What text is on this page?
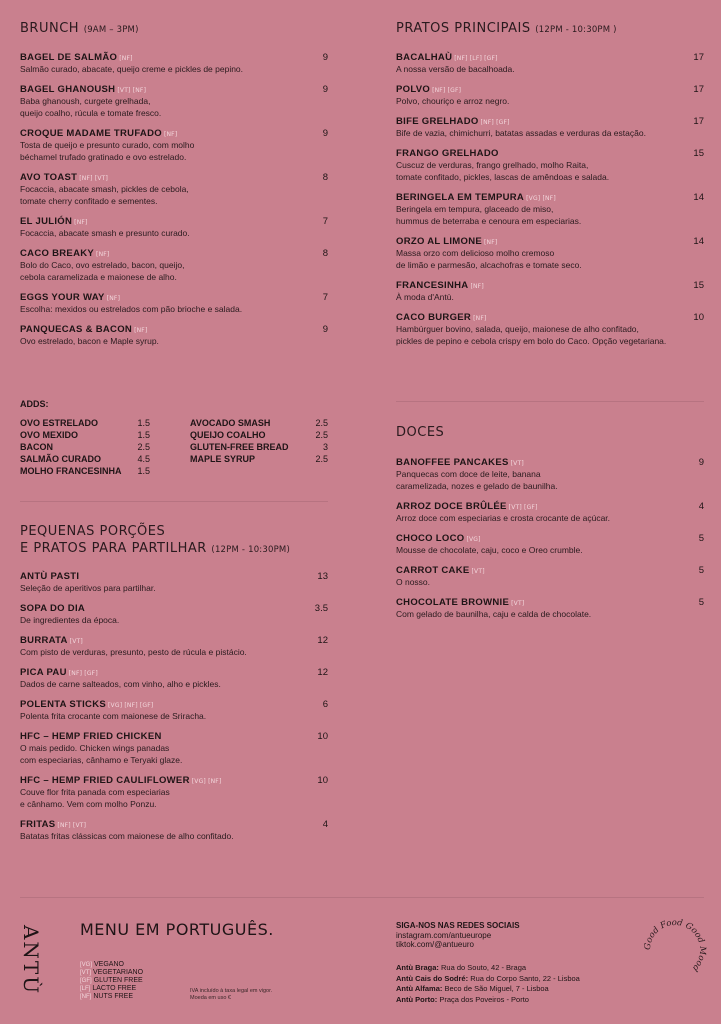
BRUNCH (9AM – 3PM)
BAGEL DE SALMÃO [NF]	9
Salmão curado, abacate, queijo creme e pickles de pepino.
BAGEL GHANOUSH [VT] [NF]	9
Baba ghanoush, curgete grelhada,
queijo coalho, rúcula e tomate fresco.
CROQUE MADAME TRUFADO [NF]	9
Tosta de queijo e presunto curado, com molho
béchamel trufado gratinado e ovo estrelado.
AVO TOAST [NF] [VT]	8
Focaccia, abacate smash, pickles de cebola,
tomate cherry confitado e sementes.
EL JULIÓN [NF]	7
Focaccia, abacate smash e presunto curado.
CACO BREAKY [NF]	8
Bolo do Caco, ovo estrelado, bacon, queijo,
cebola caramelizada e maionese de alho.
EGGS YOUR WAY [NF]	7
Escolha: mexidos ou estrelados com pão brioche e salada.
PANQUECAS & BACON [NF]	9
Ovo estrelado, bacon e Maple syrup.
ADDS:
OVO ESTRELADO	1.5
OVO MEXIDO	1.5
BACON	2.5
SALMÃO CURADO	4.5
MOLHO FRANCESINHA 1.5
AVOCADO SMASH	2.5
QUEIJO COALHO	2.5
GLUTEN-FREE BREAD	3
MAPLE SYRUP	2.5
PEQUENAS PORÇÕES
E PRATOS PARA PARTILHAR (12PM - 10:30PM)
ANTÙ PASTI	13
Seleção de aperitivos para partilhar.
SOPA DO DIA	3.5
De ingredientes da época.
BURRATA [VT]	12
Com pisto de verduras, presunto, pesto de rúcula e pistácio.
PICA PAU [NF] [GF]	12
Dados de carne salteados, com vinho, alho e pickles.
POLENTA STICKS [VG] [NF] [GF]	6
Polenta frita crocante com maionese de Sriracha.
HFC – HEMP FRIED CHICKEN	10
O mais pedido. Chicken wings panadas
com especiarias, cânhamo e Teryaki glaze.
HFC – HEMP FRIED CAULIFLOWER [VG] [NF]	10
Couve flor frita panada com especiarias
e cânhamo. Vem com molho Ponzu.
FRITAS [NF] [VT]	4
Batatas fritas clássicas com maionese de alho confitado.
PRATOS PRINCIPAIS (12PM - 10:30PM )
BACALHAÙ [NF] [LF] [GF]	17
A nossa versão de bacalhoada.
POLVO [NF] [GF]	17
Polvo, chouriço e arroz negro.
BIFE GRELHADO [NF] [GF]	17
Bife de vazia, chimichurri, batatas assadas e verduras da estação.
FRANGO GRELHADO	15
Cuscuz de verduras, frango grelhado, molho Raita,
tomate confitado, pickles, lascas de amêndoas e salada.
BERINGELA EM TEMPURA [VG] [NF]	14
Beringela em tempura, glaceado de miso,
hummus de beterraba e cenoura em especiarias.
ORZO AL LIMONE [NF]	14
Massa orzo com delicioso molho cremoso
de limão e parmesão, alcachofras e tomate seco.
FRANCESINHA [NF]	15
À moda d'Antù.
CACO BURGER [NF]	10
Hambúrguer bovino, salada, queijo, maionese de alho confitado,
pickles de pepino e cebola crispy em bolo do Caco. Opção vegetariana.
DOCES
BANOFFEE PANCAKES [VT]	9
Panquecas com doce de leite, banana
caramelizada, nozes e gelado de baunilha.
ARROZ DOCE BRÛLÉE [VT] [GF]	4
Arroz doce com especiarias e crosta crocante de açúcar.
CHOCO LOCO [VG]	5
Mousse de chocolate, caju, coco e Oreo crumble.
CARROT CAKE [VT]	5
O nosso.
CHOCOLATE BROWNIE [VT]	5
Com gelado de baunilha, caju e calda de chocolate.
ANTÙ	MENU EM PORTUGUÊS.
[VG] VEGANO
[VT] VEGETARIANO
[GF] GLUTEN FREE
[LF] LACTO FREE
[NF] NUTS FREE
IVA incluído à taxa legal em vigor.
Moeda em uso €
SIGA-NOS NAS REDES SOCIAIS
instagram.com/antueurope
tiktok.com/@antueuro
Antù Braga: Rua do Souto, 42 - Braga
Antù Cais do Sodré: Rua do Corpo Santo, 22 - Lisboa
Antù Alfama: Beco de São Miguel, 7 - Lisboa
Antù Porto: Praça dos Poveiros - Porto
Good Food Good Mood
